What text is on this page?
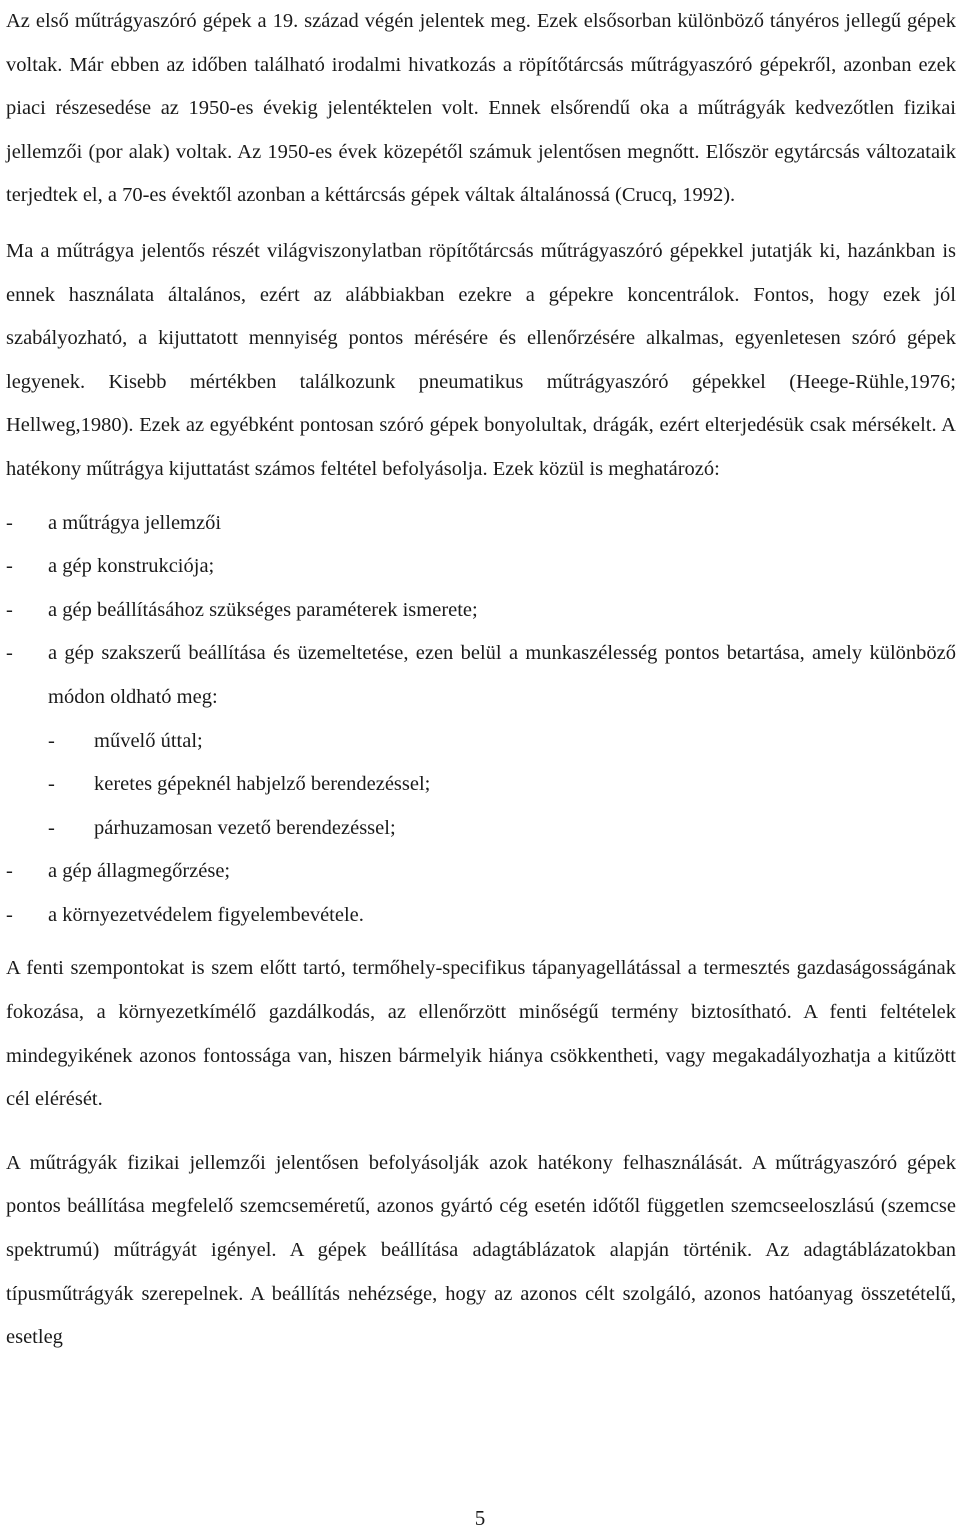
Az első műtrágyaszóró gépek a 19. század végén jelentek meg. Ezek elsősorban különböző tányéros jellegű gépek voltak. Már ebben az időben található irodalmi hivatkozás a röpítőtárcsás műtrágyaszóró gépekről, azonban ezek piaci részesedése az 1950-es évekig jelentéktelen volt. Ennek elsőrendű oka a műtrágyák kedvezőtlen fizikai jellemzői (por alak) voltak. Az 1950-es évek közepétől számuk jelentősen megnőtt. Először egytárcsás változataik terjedtek el, a 70-es évektől azonban a kéttárcsás gépek váltak általánossá (Crucq, 1992).

Ma a műtrágya jelentős részét világviszonylatban röpítőtárcsás műtrágyaszóró gépekkel jutatják ki, hazánkban is ennek használata általános, ezért az alábbiakban ezekre a gépekre koncentrálok. Fontos, hogy ezek jól szabályozható, a kijuttatott mennyiség pontos mérésére és ellenőrzésére alkalmas, egyenletesen szóró gépek legyenek. Kisebb mértékben találkozunk pneumatikus műtrágyaszóró gépekkel (Heege-Rühle,1976; Hellweg,1980). Ezek az egyébként pontosan szóró gépek bonyolultak, drágák, ezért elterjedésük csak mérsékelt. A hatékony műtrágya kijuttatást számos feltétel befolyásolja. Ezek közül is meghatározó:

- a műtrágya jellemzői
- a gép konstrukciója;
- a gép beállításához szükséges paraméterek ismerete;
- a gép szakszerű beállítása és üzemeltetése, ezen belül a munkaszélesség pontos betartása, amely különböző módon oldható meg:
- művelő úttal;
- keretes gépeknél habjelző berendezéssel;
- párhuzamosan vezető berendezéssel;
- a gép állagmegőrzése;
- a környezetvédelem figyelembevétele.

A fenti szempontokat is szem előtt tartó, termőhely-specifikus tápanyagellátással a termesztés gazdaságosságának fokozása, a környezetkímélő gazdálkodás, az ellenőrzött minőségű termény biztosítható. A fenti feltételek mindegyikének azonos fontossága van, hiszen bármelyik hiánya csökkentheti, vagy megakadályozhatja a kitűzött cél elérését.

A műtrágyák fizikai jellemzői jelentősen befolyásolják azok hatékony felhasználását. A műtrágyaszóró gépek pontos beállítása megfelelő szemcseméretű, azonos gyártó cég esetén időtől független szemcseeloszlású (szemcse spektrumú) műtrágyát igényel. A gépek beállítása adagtáblázatok alapján történik. Az adagtáblázatokban típusműtrágyák szerepelnek. A beállítás nehézsége, hogy az azonos célt szolgáló, azonos hatóanyag összetételű, esetleg

5
